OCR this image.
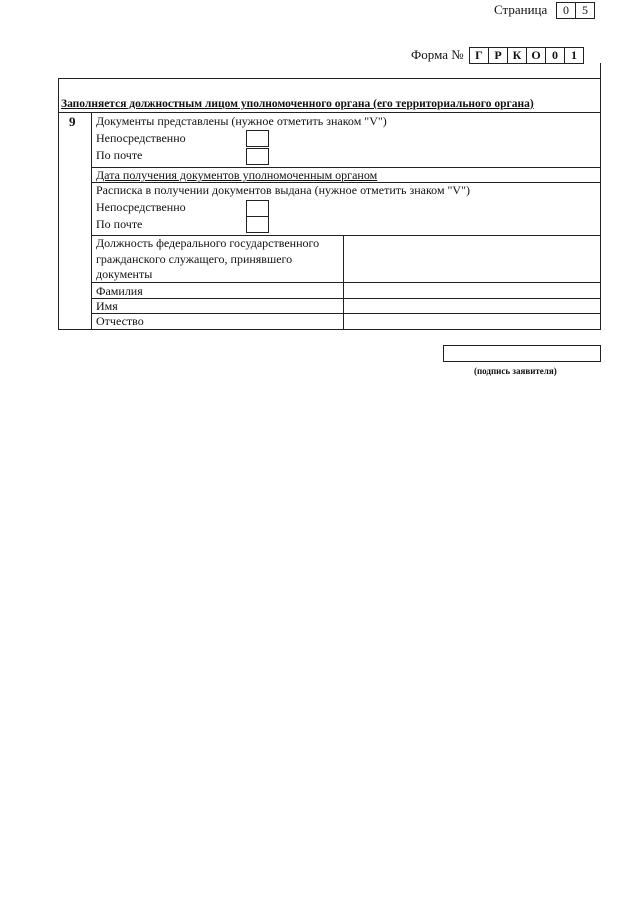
Страница	0	5
Форма № Г Р К О 0	1
Заполняется должностным лицом уполномоченного органа (его территориального органа)
9 Документы представлены (нужное отметить знаком "V")
Непосредственно
По почте
Дата получения документов уполномоченным органом
Расписка в получении документов выдана (нужное отметить знаком "V")
Непосредственно
По почте
Должность федерального государственного гражданского служащего, принявшего документы
Фамилия
Имя
Отчество
(подпись заявителя)
